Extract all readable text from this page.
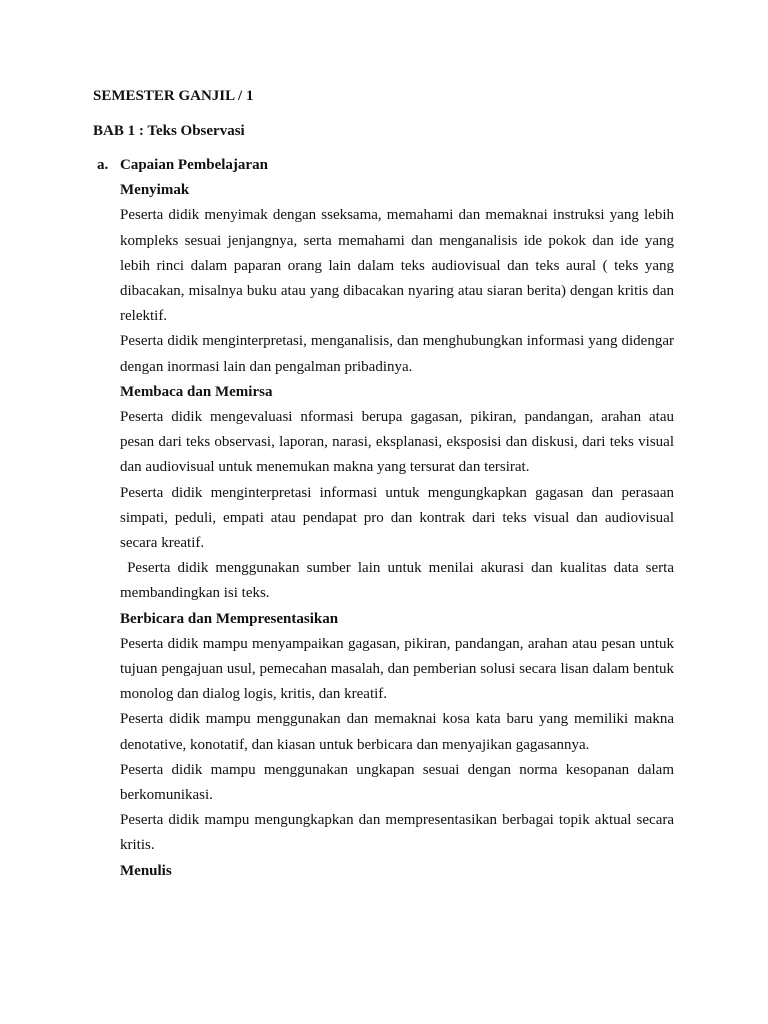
SEMESTER GANJIL / 1
BAB 1 : Teks Observasi
a. Capaian Pembelajaran

Menyimak

Peserta didik menyimak dengan sseksama, memahami dan memaknai instruksi yang lebih kompleks sesuai jenjangnya, serta memahami dan menganalisis ide pokok dan ide yang lebih rinci dalam paparan orang lain dalam teks audiovisual dan teks aural ( teks yang dibacakan, misalnya buku atau yang dibacakan nyaring atau siaran berita) dengan kritis dan relektif.

Peserta didik menginterpretasi, menganalisis, dan menghubungkan informasi yang didengar dengan inormasi lain dan pengalman pribadinya.

Membaca dan Memirsa

Peserta didik mengevaluasi nformasi berupa gagasan, pikiran, pandangan, arahan atau pesan dari teks observasi, laporan, narasi, eksplanasi, eksposisi dan diskusi, dari teks visual dan audiovisual untuk menemukan makna yang tersurat dan tersirat.

Peserta didik menginterpretasi informasi untuk mengungkapkan gagasan dan perasaan simpati, peduli, empati atau pendapat pro dan kontrak dari teks visual dan audiovisual secara kreatif.

Peserta didik menggunakan sumber lain untuk menilai akurasi dan kualitas data serta membandingkan isi teks.

Berbicara dan Mempresentasikan

Peserta didik mampu menyampaikan gagasan, pikiran, pandangan, arahan atau pesan untuk tujuan pengajuan usul, pemecahan masalah, dan pemberian solusi secara lisan dalam bentuk monolog dan dialog logis, kritis, dan kreatif.

Peserta didik mampu menggunakan dan memaknai kosa kata baru yang memiliki makna denotative, konotatif, dan kiasan untuk berbicara dan menyajikan gagasannya.

Peserta didik mampu menggunakan ungkapan sesuai dengan norma kesopanan dalam berkomunikasi.

Peserta didik mampu mengungkapkan dan mempresentasikan berbagai topik aktual secara kritis.

Menulis
